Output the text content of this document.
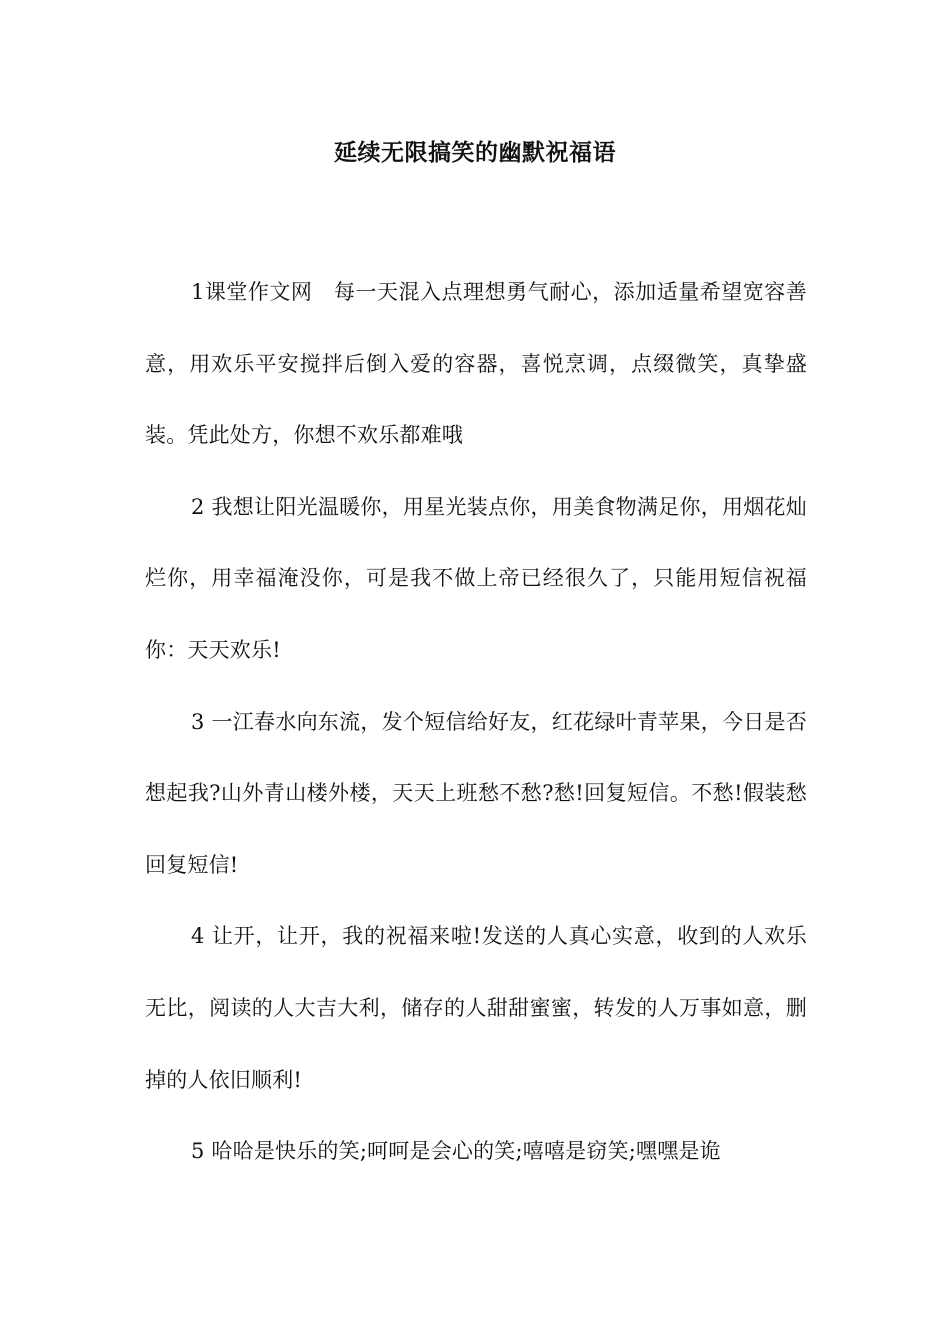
延续无限搞笑的幽默祝福语

1课堂作文网　每一天混入点理想勇气耐心，添加适量希望宽容善意，用欢乐平安搅拌后倒入爱的容器，喜悦烹调，点缀微笑，真挚盛装。凭此处方，你想不欢乐都难哦

2 我想让阳光温暖你，用星光装点你，用美食物满足你，用烟花灿烂你，用幸福淹没你，可是我不做上帝已经很久了，只能用短信祝福你：天天欢乐!

3 一江春水向东流，发个短信给好友，红花绿叶青苹果，今日是否想起我?山外青山楼外楼，天天上班愁不愁?愁!回复短信。不愁!假装愁回复短信!

4 让开，让开，我的祝福来啦!发送的人真心实意，收到的人欢乐无比，阅读的人大吉大利，储存的人甜甜蜜蜜，转发的人万事如意，删掉的人依旧顺利!

5 哈哈是快乐的笑;呵呵是会心的笑;嘻嘻是窃笑;嘿嘿是诡
